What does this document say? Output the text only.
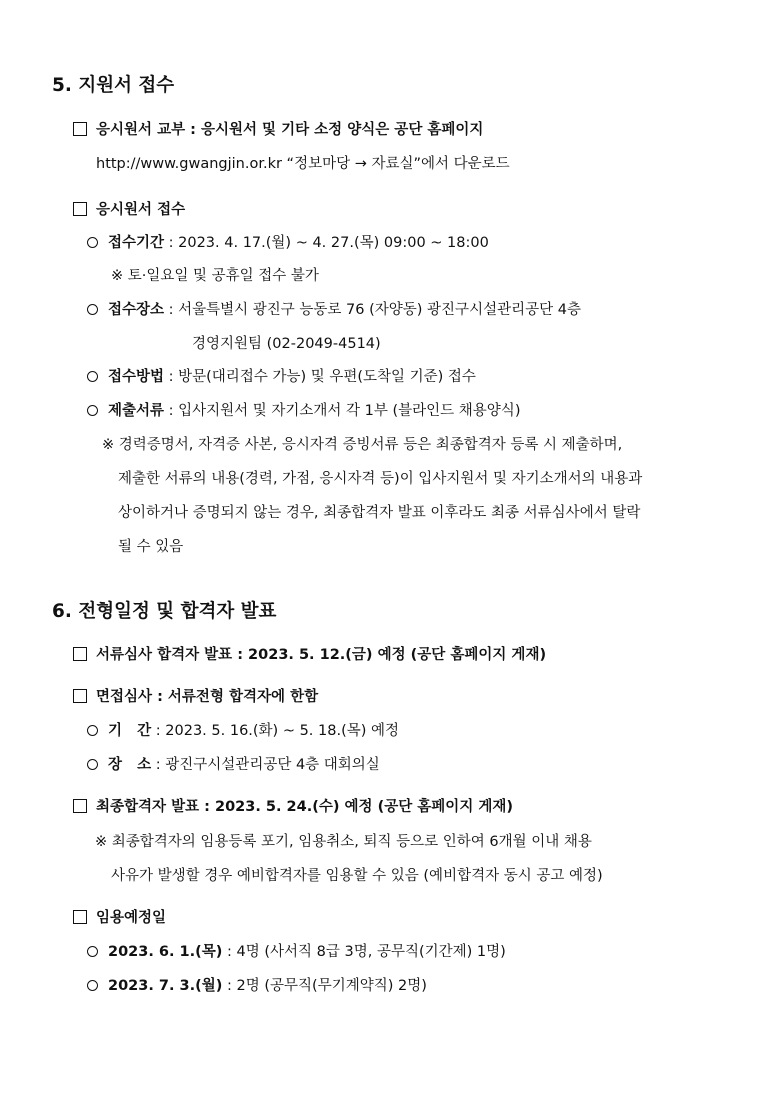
5. 지원서 접수
응시원서 교부 : 응시원서 및 기타 소정 양식은 공단 홈페이지
http://www.gwangjin.or.kr “정보마당 → 자료실”에서 다운로드
응시원서 접수
접수기간 : 2023. 4. 17.(월) ~ 4. 27.(목) 09:00 ~ 18:00
※ 토·일요일 및 공휴일 접수 불가
접수장소 : 서울특별시 광진구 능동로 76 (자양동) 광진구시설관리공단 4층
경영지원팀 (02-2049-4514)
접수방법 : 방문(대리접수 가능) 및 우편(도착일 기준) 접수
제출서류 : 입사지원서 및 자기소개서 각 1부 (블라인드 채용양식)
※ 경력증명서, 자격증 사본, 응시자격 증빙서류 등은 최종합격자 등록 시 제출하며,
제출한 서류의 내용(경력, 가점, 응시자격 등)이 입사지원서 및 자기소개서의 내용과
상이하거나 증명되지 않는 경우, 최종합격자 발표 이후라도 최종 서류심사에서 탈락
될 수 있음
6. 전형일정 및 합격자 발표
서류심사 합격자 발표 : 2023. 5. 12.(금) 예정 (공단 홈페이지 게재)
면접심사 : 서류전형 합격자에 한함
기   간 : 2023. 5. 16.(화) ~ 5. 18.(목) 예정
장   소 : 광진구시설관리공단 4층 대회의실
최종합격자 발표 : 2023. 5. 24.(수) 예정 (공단 홈페이지 게재)
※ 최종합격자의 임용등록 포기, 임용취소, 퇴직 등으로 인하여 6개월 이내 채용
사유가 발생할 경우 예비합격자를 임용할 수 있음 (예비합격자 동시 공고 예정)
임용예정일
2023. 6. 1.(목) : 4명 (사서직 8급 3명, 공무직(기간제) 1명)
2023. 7. 3.(월) : 2명 (공무직(무기계약직) 2명)
